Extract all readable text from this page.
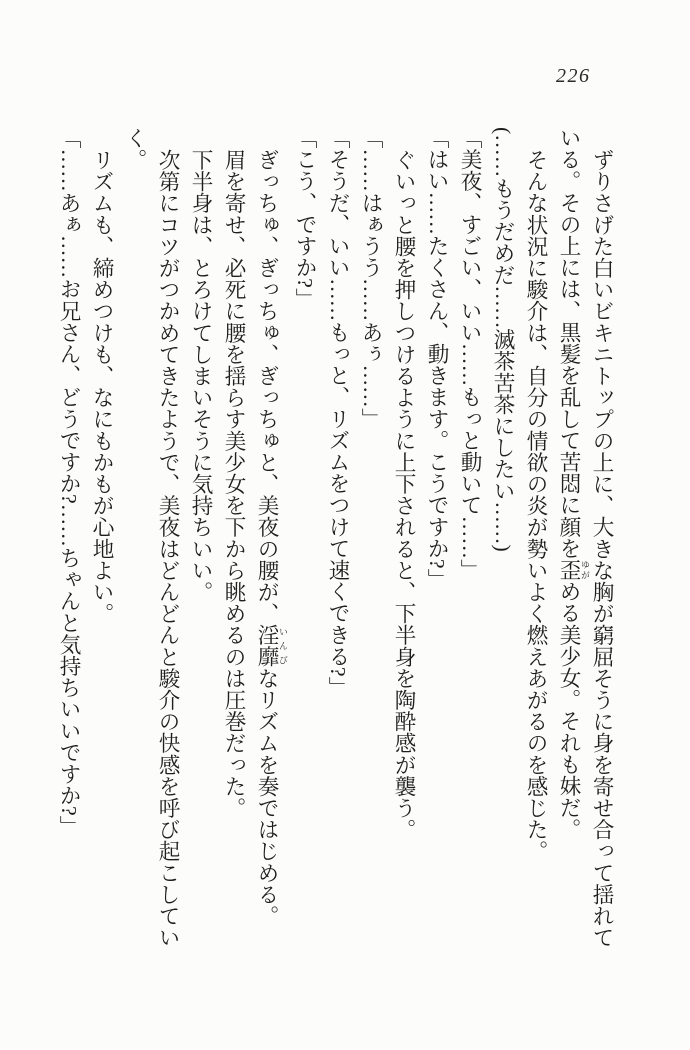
226

ずりさげた白いビキニトップの上に、大きな胸が窮屈そうに身を寄せ合って揺れている。その上には、黒髪を乱して苦悶に顔を歪 ゆがめる美少女。それも妹だ。

そんな状況に駿介は、自分の情欲の炎が勢いよく燃えあがるのを感じた。

(……もうだめだ……滅茶苦茶にしたい……)

「美夜、すごい、いい……もっと動いて……」

「はい……たくさん、動きます。こうですか?」

ぐいっと腰を押しつけるように上下されると、下半身を陶酔感が襲う。

「……はぁうう……あぅ……」

「そうだ、いい……もっと、リズムをつけて速くできる?」

「こう、ですか?」

ぎっちゅ、ぎっちゅ、ぎっちゅと、美夜の腰が、淫靡 いんびなリズムを奏ではじめる。

眉を寄せ、必死に腰を揺らす美少女を下から眺めるのは圧巻だった。

下半身は、とろけてしまいそうに気持ちいい。

次第にコツがつかめてきたようで、美夜はどんどんと駿介の快感を呼び起こしていく。

リズムも、締めつけも、なにもかもが心地よい。

「……あぁ……お兄さん、どうですか?……ちゃんと気持ちいいですか?」
